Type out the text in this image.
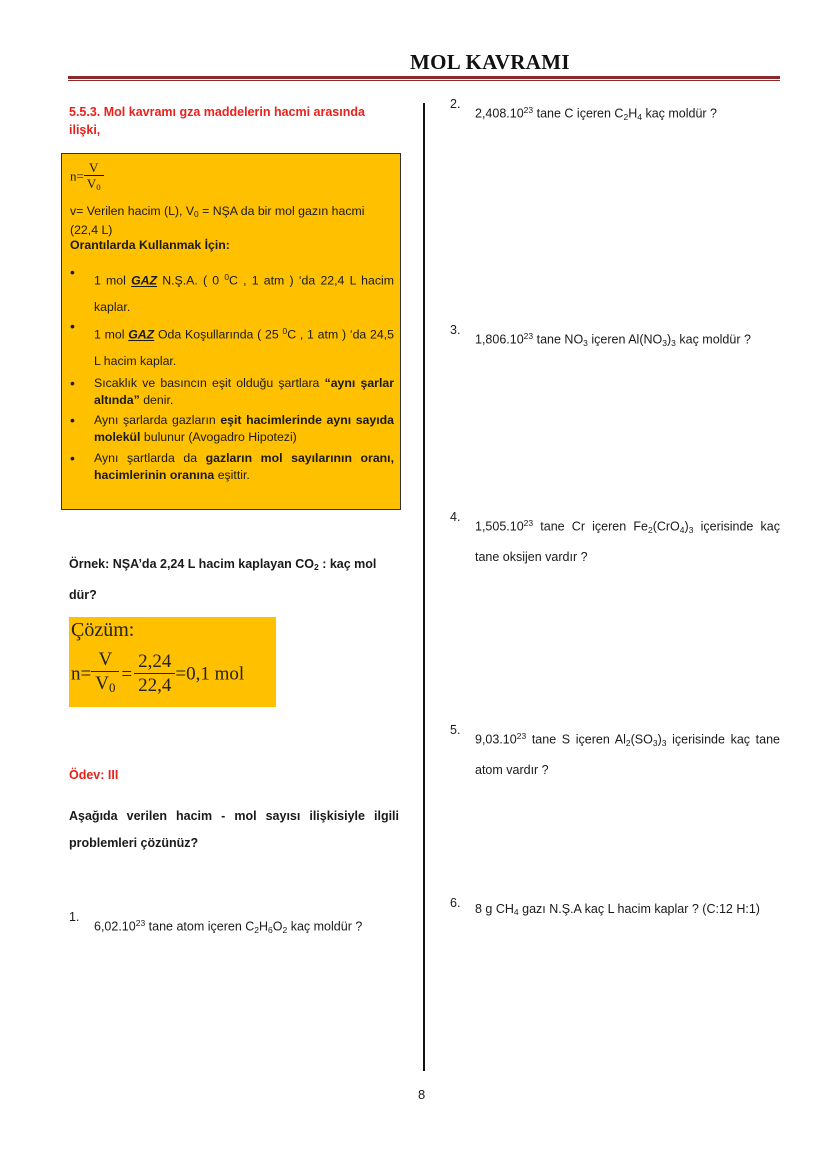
MOL KAVRAMI
5.5.3. Mol kavramı gza maddelerin hacmi arasında ilişki,
$n= \frac{V}{V_0}$
v= Verilen hacim (L), $V_0$ = NŞA da bir mol gazın hacmi (22,4 L)
Orantılarda Kullanmak İçin:
•
1 mol GAZ N.Ş.A. ( 0 $^0$C , 1 atm ) ‘da 22,4 L hacim kaplar.
•
1 mol GAZ Oda Koşullarında ( 25 $^0$C , 1 atm ) ‘da 24,5 L hacim kaplar.
• Sıcaklık ve basıncın eşit olduğu şartlara “aynı şarlar altında” denir.
• Aynı şarlarda gazların eşit hacimlerinde aynı sayıda molekül bulunur (Avogadro Hipotezi)
• Aynı şartlarda da gazların mol sayılarının oranı, hacimlerinin oranına eşittir.
Örnek: NŞA’da 2,24 L hacim kaplayan $CO_2$ : kaç mol dür?
Çözüm:
$n= \frac{V}{V_0} = \frac{2,24}{22,4} =0,1$ mol
Ödev: III
Aşağıda verilen hacim - mol sayısı ilişkisiyle ilgili problemleri çözünüz?
1.
6,02.10$^{23}$ tane atom içeren $C_2H_6O_2$ kaç moldür ?
2.
2,408.10$^{23}$ tane C içeren $C_2H_4$ kaç moldür ?
3.
1,806.10$^{23}$ tane $NO_3$ içeren $Al(NO_3)_3$ kaç moldür ?
4.
1,505.10$^{23}$ tane Cr içeren $Fe_2(CrO_4)_3$ içerisinde kaç tane oksijen vardır ?
5.
9,03.10$^{23}$ tane S içeren $Al_2(SO_3)_3$ içerisinde kaç tane atom vardır ?
6. 8 g $CH_4$ gazı N.Ş.A kaç L hacim kaplar ? (C:12 H:1)
8
